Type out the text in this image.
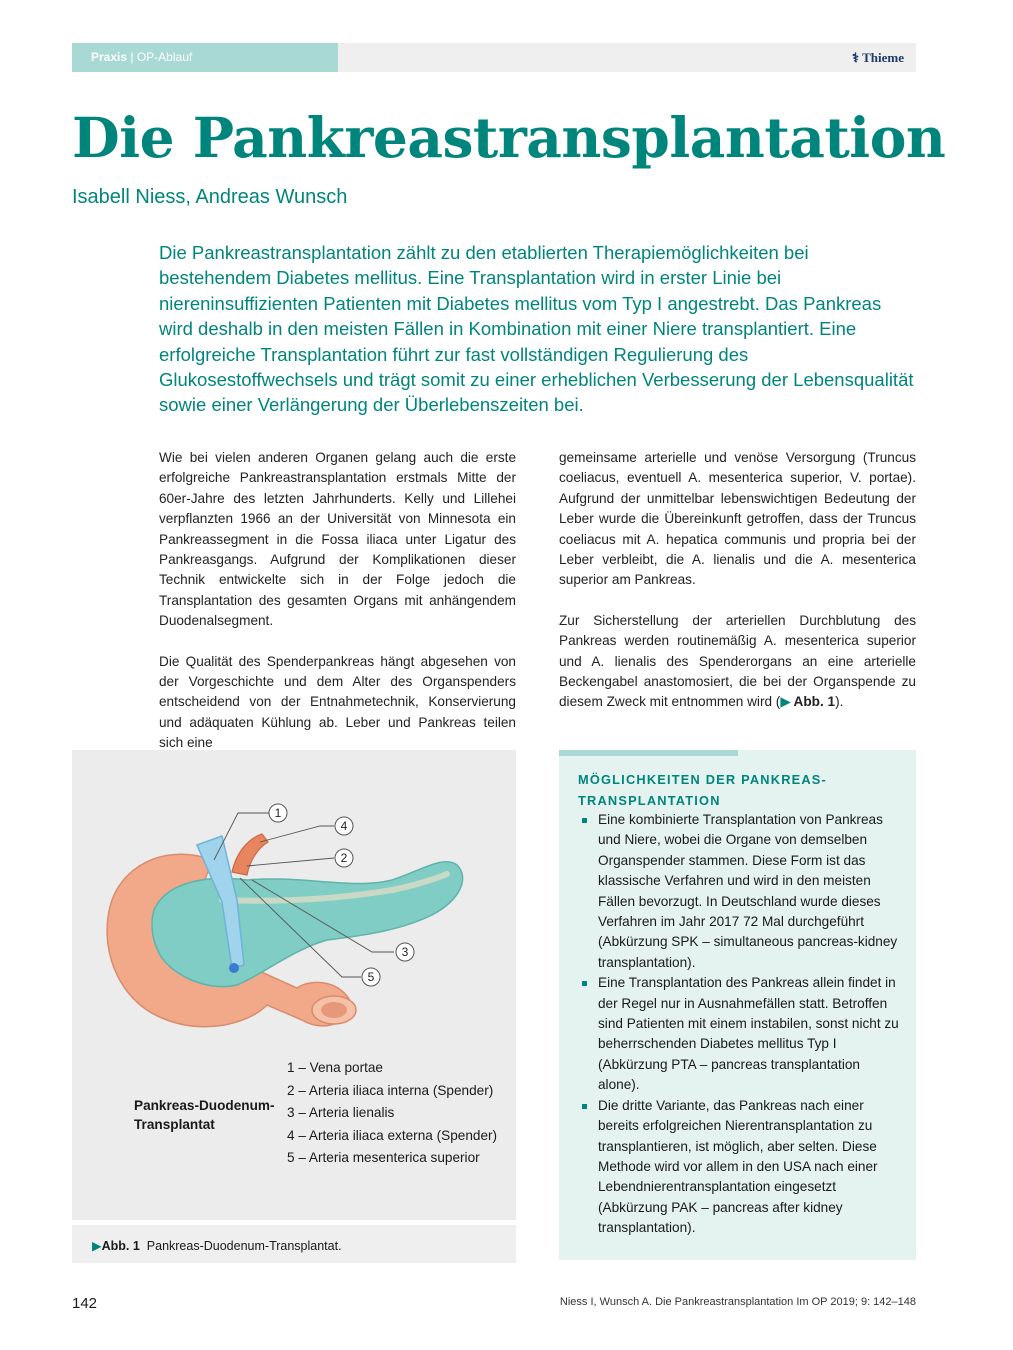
Praxis | OP-Ablauf	⚕ Thieme
Die Pankreastransplantation
Isabell Niess, Andreas Wunsch
Die Pankreastransplantation zählt zu den etablierten Therapiemöglichkeiten bei bestehendem Diabetes mellitus. Eine Transplantation wird in erster Linie bei niereninsuffizienten Patienten mit Diabetes mellitus vom Typ I angestrebt. Das Pankreas wird deshalb in den meisten Fällen in Kombination mit einer Niere transplantiert. Eine erfolgreiche Transplantation führt zur fast vollständigen Regulierung des Glukosestoffwechsels und trägt somit zu einer erheblichen Verbesserung der Lebensqualität sowie einer Verlängerung der Überlebenszeiten bei.

Wie bei vielen anderen Organen gelang auch die erste erfolgreiche Pankreastransplantation erstmals Mitte der 60er-Jahre des letzten Jahrhunderts. Kelly und Lillehei verpflanzten 1966 an der Universität von Minnesota ein Pankreassegment in die Fossa iliaca unter Ligatur des Pankreasgangs. Aufgrund der Komplikationen dieser Technik entwickelte sich in der Folge jedoch die Transplantation des gesamten Organs mit anhängendem Duodenalsegment.

Die Qualität des Spenderpankreas hängt abgesehen von der Vorgeschichte und dem Alter des Organspenders entscheidend von der Entnahmetechnik, Konservierung und adäquaten Kühlung ab. Leber und Pankreas teilen sich eine

gemeinsame arterielle und venöse Versorgung (Truncus coeliacus, eventuell A. mesenterica superior, V. portae). Aufgrund der unmittelbar lebenswichtigen Bedeutung der Leber wurde die Übereinkunft getroffen, dass der Truncus coeliacus mit A. hepatica communis und propria bei der Leber verbleibt, die A. lienalis und die A. mesenterica superior am Pankreas.

Zur Sicherstellung der arteriellen Durchblutung des Pankreas werden routinemäßig A. mesenterica superior und A. lienalis des Spenderorgans an eine arterielle Beckengabel anastomosiert, die bei der Organspende zu diesem Zweck mit entnommen wird (▶  Abb. 1).

1
4
2
3
5
Pankreas-Duodenum-Transplantat
1 – Vena portae
2 – Arteria iliaca interna (Spender)
3 – Arteria lienalis
4 – Arteria iliaca externa (Spender)
5 – Arteria mesenterica superior
▶Abb. 1 Pankreas-Duodenum-Transplantat.
MÖGLICHKEITEN DER PANKREAS-TRANSPLANTATION
Eine kombinierte Transplantation von Pankreas und Niere, wobei die Organe von demselben Organspender stammen. Diese Form ist das klassische Verfahren und wird in den meisten Fällen bevorzugt. In Deutschland wurde dieses Verfahren im Jahr 2017 72 Mal durchgeführt (Abkürzung SPK – simultaneous pancreas-kidney transplantation).
Eine Transplantation des Pankreas allein findet in der Regel nur in Ausnahmefällen statt. Betroffen sind Patienten mit einem instabilen, sonst nicht zu beherrschenden Diabetes mellitus Typ I (Abkürzung PTA – pancreas transplantation alone).
Die dritte Variante, das Pankreas nach einer bereits erfolgreichen Nierentransplantation zu transplantieren, ist möglich, aber selten. Diese Methode wird vor allem in den USA nach einer Lebendnierentransplantation eingesetzt (Abkürzung PAK – pancreas after kidney transplantation).
142	Niess I, Wunsch A. Die Pankreastransplantation Im OP 2019; 9: 142–148
